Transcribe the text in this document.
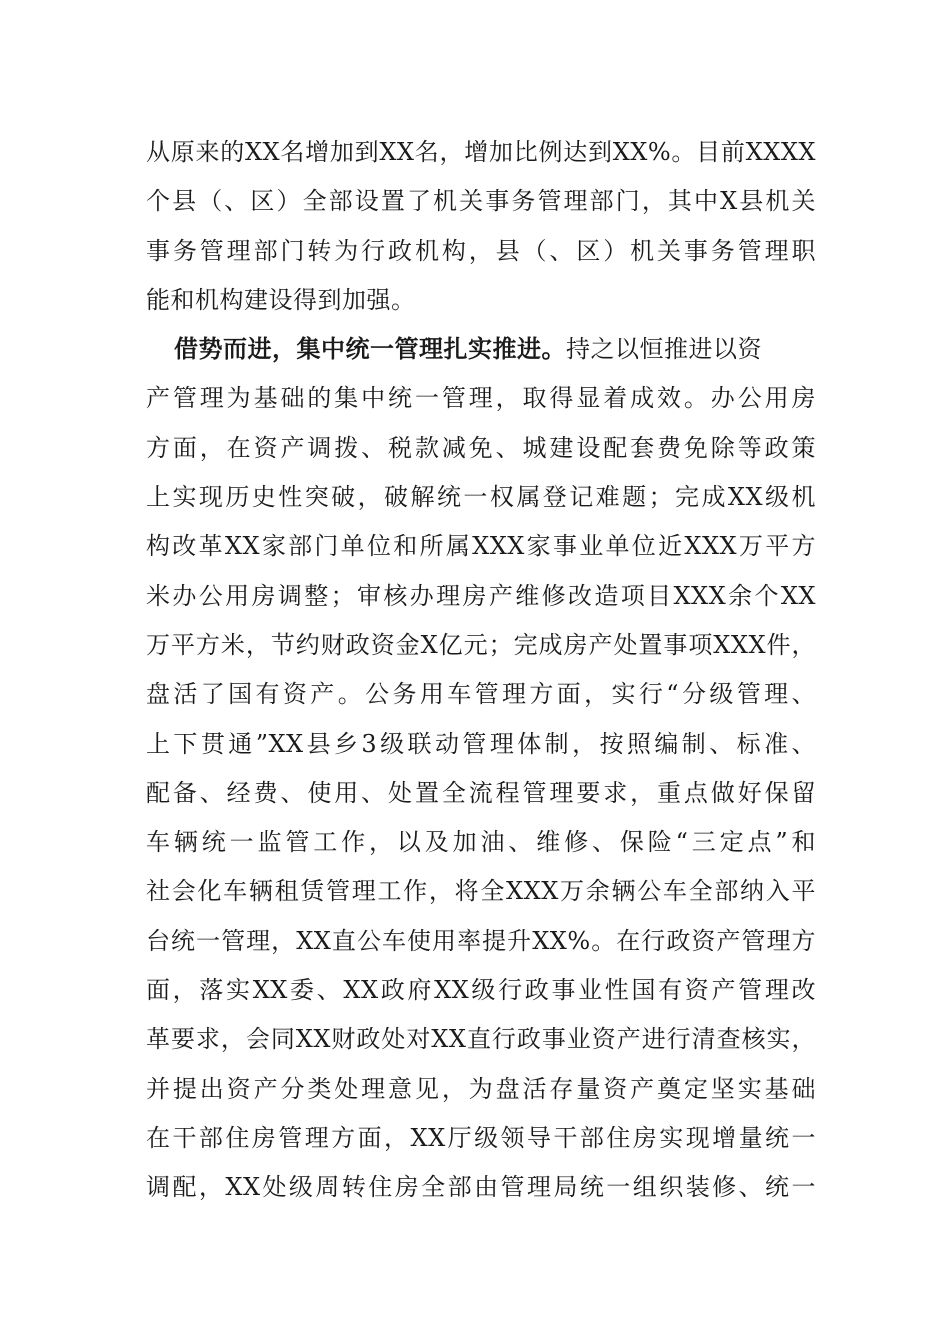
从原来的XX名增加到XX名，增加比例达到XX%。目前XXXX
个县（、区）全部设置了机关事务管理部门，其中X县机关
事务管理部门转为行政机构，县（、区）机关事务管理职
能和机构建设得到加强。
借势而进，集中统一管理扎实推进。持之以恒推进以资
产管理为基础的集中统一管理，取得显着成效。办公用房
方面，在资产调拨、税款减免、城建设配套费免除等政策
上实现历史性突破，破解统一权属登记难题；完成XX级机
构改革XX家部门单位和所属XXX家事业单位近XXX万平方
米办公用房调整；审核办理房产维修改造项目XXX余个XX
万平方米，节约财政资金X亿元；完成房产处置事项XXX件，
盘活了国有资产。公务用车管理方面，实行“分级管理、
上下贯通”XX县乡3级联动管理体制，按照编制、标准、
配备、经费、使用、处置全流程管理要求，重点做好保留
车辆统一监管工作，以及加油、维修、保险“三定点”和
社会化车辆租赁管理工作，将全XXX万余辆公车全部纳入平
台统一管理，XX直公车使用率提升XX%。在行政资产管理方
面，落实XX委、XX政府XX级行政事业性国有资产管理改
革要求，会同XX财政处对XX直行政事业资产进行清查核实，
并提出资产分类处理意见，为盘活存量资产奠定坚实基础
在干部住房管理方面，XX厅级领导干部住房实现增量统一
调配，XX处级周转住房全部由管理局统一组织装修、统一
